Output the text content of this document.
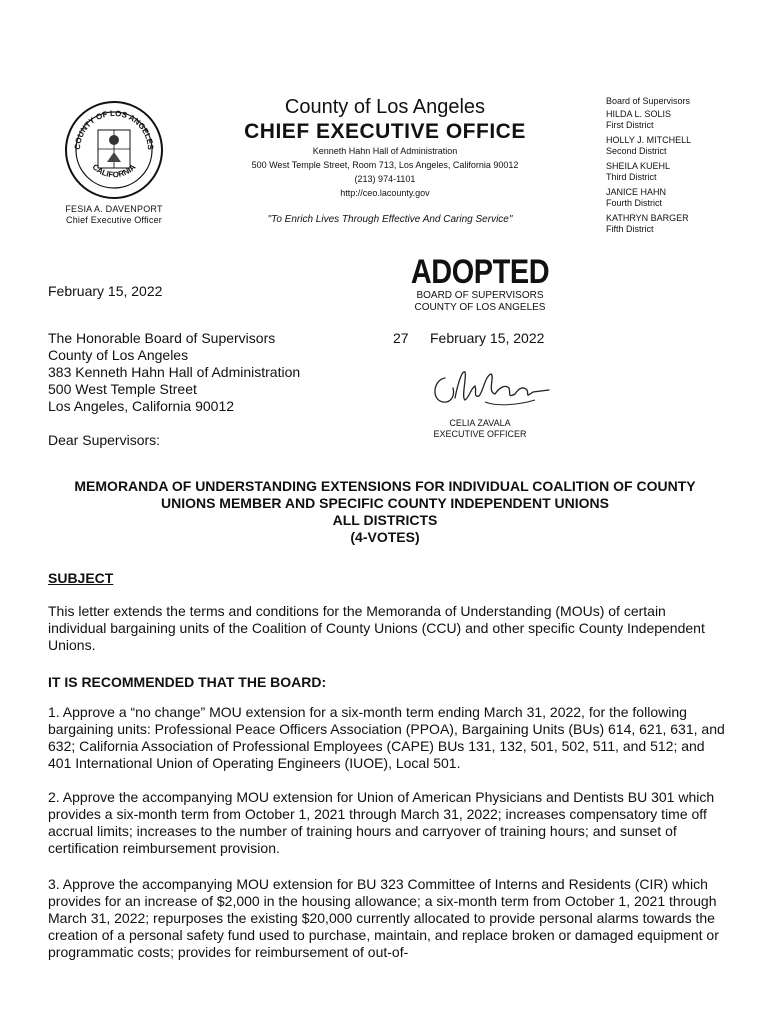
COUNTY OF LOS ANGELES
CALIFORNIA
FESIA A. DAVENPORT
Chief Executive Officer
County of Los Angeles
CHIEF EXECUTIVE OFFICE
Kenneth Hahn Hall of Administration
500 West Temple Street, Room 713, Los Angeles, California 90012
(213) 974-1101
http://ceo.lacounty.gov
"To Enrich Lives Through Effective And Caring Service"
Board of Supervisors
HILDA L. SOLIS
First District
HOLLY J. MITCHELL
Second District
SHEILA KUEHL
Third District
JANICE HAHN
Fourth District
KATHRYN BARGER
Fifth District
ADOPTED
BOARD OF SUPERVISORS
COUNTY OF LOS ANGELES
27 February 15, 2022
CELIA ZAVALA
EXECUTIVE OFFICER
February 15, 2022
The Honorable Board of Supervisors
County of Los Angeles
383 Kenneth Hahn Hall of Administration
500 West Temple Street
Los Angeles, California 90012
Dear Supervisors:
MEMORANDA OF UNDERSTANDING EXTENSIONS FOR INDIVIDUAL COALITION OF COUNTY
UNIONS MEMBER AND SPECIFIC COUNTY INDEPENDENT UNIONS
ALL DISTRICTS
(4-VOTES)
SUBJECT
This letter extends the terms and conditions for the Memoranda of Understanding (MOUs) of certain individual bargaining units of the Coalition of County Unions (CCU) and other specific County Independent Unions.
IT IS RECOMMENDED THAT THE BOARD:
1. Approve a “no change” MOU extension for a six-month term ending March 31, 2022, for the following bargaining units: Professional Peace Officers Association (PPOA), Bargaining Units (BUs) 614, 621, 631, and 632; California Association of Professional Employees (CAPE) BUs 131, 132, 501, 502, 511, and 512; and 401 International Union of Operating Engineers (IUOE), Local 501.
2. Approve the accompanying MOU extension for Union of American Physicians and Dentists BU 301 which provides a six-month term from October 1, 2021 through March 31, 2022; increases compensatory time off accrual limits; increases to the number of training hours and carryover of training hours; and sunset of certification reimbursement provision.
3. Approve the accompanying MOU extension for BU 323 Committee of Interns and Residents (CIR) which provides for an increase of $2,000 in the housing allowance; a six-month term from October 1, 2021 through March 31, 2022; repurposes the existing $20,000 currently allocated to provide personal alarms towards the creation of a personal safety fund used to purchase, maintain, and replace broken or damaged equipment or programmatic costs; provides for reimbursement of out-of-
